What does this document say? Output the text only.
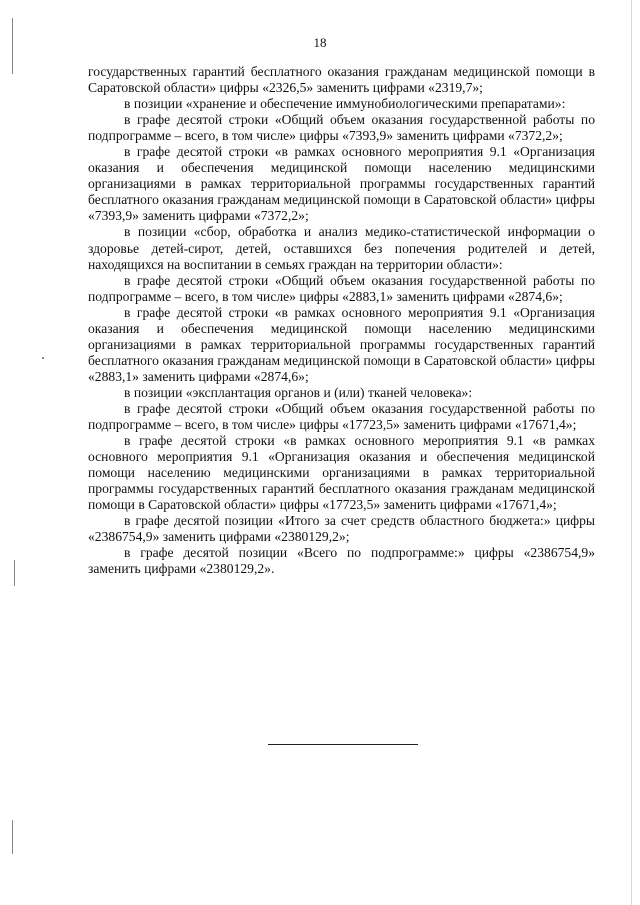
18

государственных гарантий бесплатного оказания гражданам медицинской помощи в Саратовской области» цифры «2326,5» заменить цифрами «2319,7»;

в позиции «хранение и обеспечение иммунобиологическими препаратами»:

в графе десятой строки «Общий объем оказания государственной работы по подпрограмме – всего, в том числе» цифры «7393,9» заменить цифрами «7372,2»;

в графе десятой строки «в рамках основного мероприятия 9.1 «Организация оказания и обеспечения медицинской помощи населению медицинскими организациями в рамках территориальной программы государственных гарантий бесплатного оказания гражданам медицинской помощи в Саратовской области» цифры «7393,9» заменить цифрами «7372,2»;

в позиции «сбор, обработка и анализ медико-статистической информации о здоровье детей-сирот, детей, оставшихся без попечения родителей и детей, находящихся на воспитании в семьях граждан на территории области»:

в графе десятой строки «Общий объем оказания государственной работы по подпрограмме – всего, в том числе» цифры «2883,1» заменить цифрами «2874,6»;

в графе десятой строки «в рамках основного мероприятия 9.1 «Организация оказания и обеспечения медицинской помощи населению медицинскими организациями в рамках территориальной программы государственных гарантий бесплатного оказания гражданам медицинской помощи в Саратовской области» цифры «2883,1» заменить цифрами «2874,6»;

в позиции «эксплантация органов и (или) тканей человека»:

в графе десятой строки «Общий объем оказания государственной работы по подпрограмме – всего, в том числе» цифры «17723,5» заменить цифрами «17671,4»;

в графе десятой строки «в рамках основного мероприятия 9.1 «в рамках основного мероприятия 9.1 «Организация оказания и обеспечения медицинской помощи населению медицинскими организациями в рамках территориальной программы государственных гарантий бесплатного оказания гражданам медицинской помощи в Саратовской области» цифры «17723,5» заменить цифрами «17671,4»;

в графе десятой позиции «Итого за счет средств областного бюджета:» цифры «2386754,9» заменить цифрами «2380129,2»;

в графе десятой позиции «Всего по подпрограмме:» цифры «2386754,9» заменить цифрами «2380129,2».
